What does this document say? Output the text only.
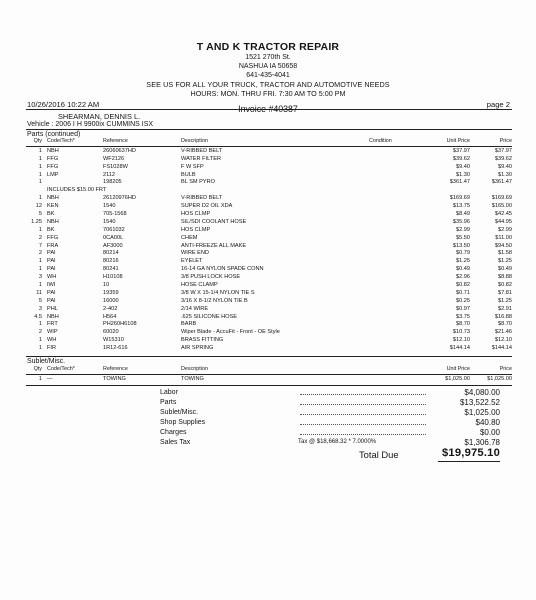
T AND K TRACTOR REPAIR
1521 270th St.
NASHUA IA 50658
641-435-4041
SEE US FOR ALL YOUR TRUCK, TRACTOR AND AUTOMOTIVE NEEDS
HOURS: MON. THRU FRI. 7:30 AM TO 5:00 PM
10/26/2016 10:22 AM	page 2
Invoice #40387
SHEARMAN, DENNIS L.
Vehicle : 2006 I H 9900ix CUMMINS ISX
Parts (continued)
Qty Code/Tech*	Reference	Description	Condition	Unit Price	Price
1 NBH	26060637HD	V-RIBBED BELT	$37.97	$37.97
1 FFG	WF2126	WATER FILTER	$39.62	$39.62
1 FFG	FS1028W	F W SFP	$9.40	$9.40
1 LMP	2112	BULB	$1.30	$1.30
1	198205	BL SM PYRO	$361.47	$361.47
INCLUDES $15.00 FRT
1 NBH	26120976HD	V-RIBBED BELT	$169.69	$169.69
12 KEN	1540	SUPER D2 OIL XDA	$13.75	$165.00
5 BK	705-1568	HOS CLMP	$8.49	$42.45
1.25 NBH	1540	SIL/SDI COOLANT HOSE	$35.96	$44.95
1 BK	7061032	HOS CLMP	$2.99	$2.99
2 FFG	0CA00L	CHEM	$5.50	$11.00
7 FRA	AF3000	ANTI-FREEZE ALL MAKE	$13.50	$94.50
2 PAI	80214	WIRE END	$0.79	$1.58
1 PAI	80216	EYELET	$1.25	$1.25
1 PAI	80241	16-14 GA NYLON SPADE CONN	$0.49	$0.49
3 WH	H10108	3/8 PUSH LOCK HOSE	$2.96	$8.88
1 IWI	10	HOSE CLAMP	$0.82	$0.82
11 PAI	19359	3/8 W X 15-1/4 NYLON TIE S	$0.71	$7.81
5 PAI	16000	3/16 X 8-1/2 NYLON TIE B	$0.25	$1.25
3 PHL	2-402	2/14 WIRE	$0.97	$2.91
4.5 NBH	H564	.625 SILICONE HOSE	$3.75	$16.88
1 FRT	PH260H6108	BARB	$8.70	$8.70
2 WIP	60020	Wiper Blade - AccuFit - Front - OE Style	$10.73	$21.46
1 WH	W15310	BRASS FITTING	$12.10	$12.10
1 FIR	1R12-616	AIR SPRING	$144.14	$144.14
Sublet/Misc.
Qty Code/Tech*	Reference	Description	Unit Price	Price
1 —	TOWING	TOWING	$1,025.00	$1,025.00
Labor	$4,080.00
Parts	$13,522.52
Sublet/Misc.	$1,025.00
Shop Supplies	$40.80
Charges	$0.00
Sales Tax	Tax @ $18,668.32 * 7.0000%	$1,306.78
Total Due	$19,975.10
